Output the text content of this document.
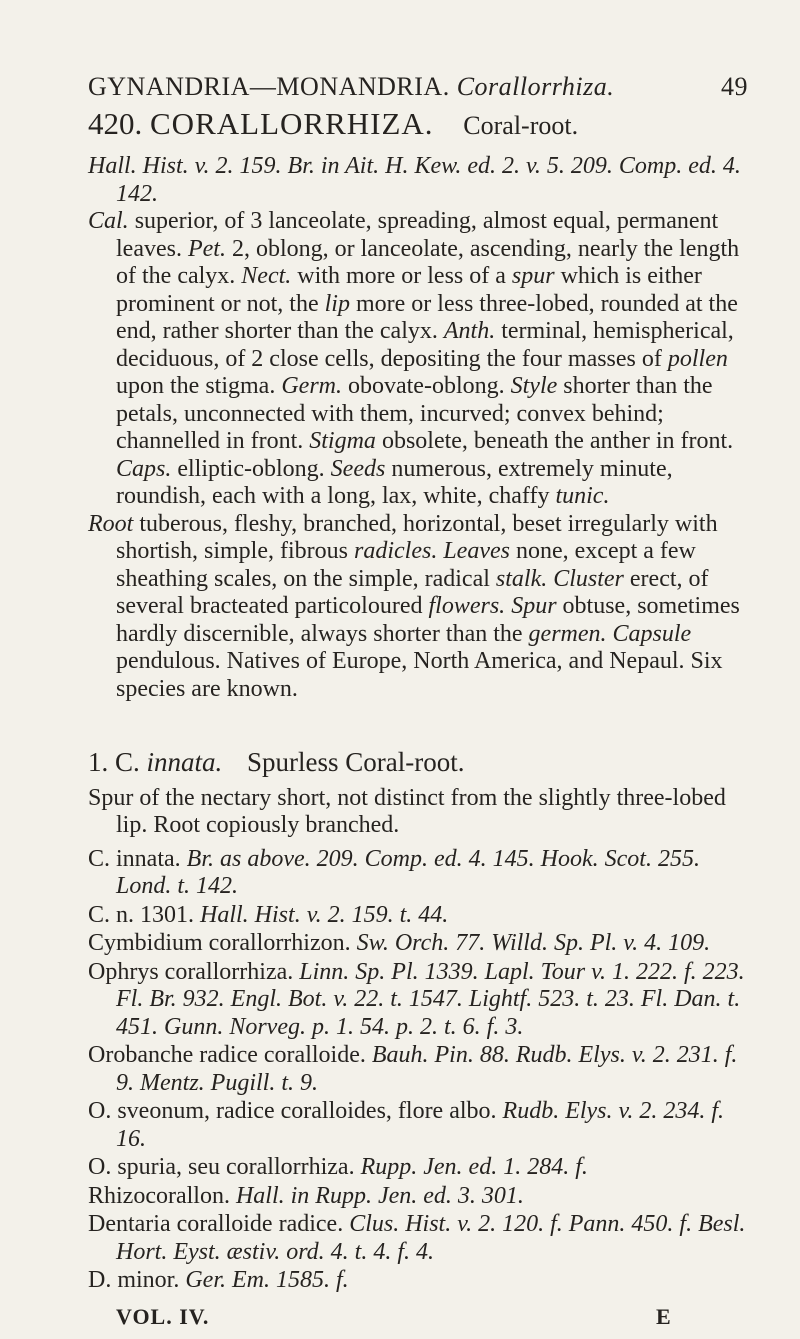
GYNANDRIA—MONANDRIA. Corallorrhiza.	49
420. CORALLORRHIZA. Coral-root.

Hall. Hist. v. 2. 159. Br. in Ait. H. Kew. ed. 2. v. 5. 209. Comp. ed. 4. 142.

Cal. superior, of 3 lanceolate, spreading, almost equal, permanent leaves. Pet. 2, oblong, or lanceolate, ascending, nearly the length of the calyx. Nect. with more or less of a spur which is either prominent or not, the lip more or less three-lobed, rounded at the end, rather shorter than the calyx. Anth. terminal, hemispherical, deciduous, of 2 close cells, depositing the four masses of pollen upon the stigma. Germ. obovate-oblong. Style shorter than the petals, unconnected with them, incurved; convex behind; channelled in front. Stigma obsolete, beneath the anther in front. Caps. elliptic-oblong. Seeds numerous, extremely minute, roundish, each with a long, lax, white, chaffy tunic.

Root tuberous, fleshy, branched, horizontal, beset irregularly with shortish, simple, fibrous radicles. Leaves none, except a few sheathing scales, on the simple, radical stalk. Cluster erect, of several bracteated particoloured flowers. Spur obtuse, sometimes hardly discernible, always shorter than the germen. Capsule pendulous. Natives of Europe, North America, and Nepaul. Six species are known.

1. C. innata. Spurless Coral-root.

Spur of the nectary short, not distinct from the slightly three-lobed lip. Root copiously branched.

C. innata. Br. as above. 209. Comp. ed. 4. 145. Hook. Scot. 255. Lond. t. 142.

C. n. 1301. Hall. Hist. v. 2. 159. t. 44.

Cymbidium corallorrhizon. Sw. Orch. 77. Willd. Sp. Pl. v. 4. 109.

Ophrys corallorrhiza. Linn. Sp. Pl. 1339. Lapl. Tour v. 1. 222. f. 223. Fl. Br. 932. Engl. Bot. v. 22. t. 1547. Lightf. 523. t. 23. Fl. Dan. t. 451. Gunn. Norveg. p. 1. 54. p. 2. t. 6. f. 3.

Orobanche radice coralloide. Bauh. Pin. 88. Rudb. Elys. v. 2. 231. f. 9. Mentz. Pugill. t. 9.

O. sveonum, radice coralloides, flore albo. Rudb. Elys. v. 2. 234. f. 16.

O. spuria, seu corallorrhiza. Rupp. Jen. ed. 1. 284. f.

Rhizocorallon. Hall. in Rupp. Jen. ed. 3. 301.

Dentaria coralloide radice. Clus. Hist. v. 2. 120. f. Pann. 450. f. Besl. Hort. Eyst. æstiv. ord. 4. t. 4. f. 4.

D. minor. Ger. Em. 1585. f.

VOL. IV.	E
